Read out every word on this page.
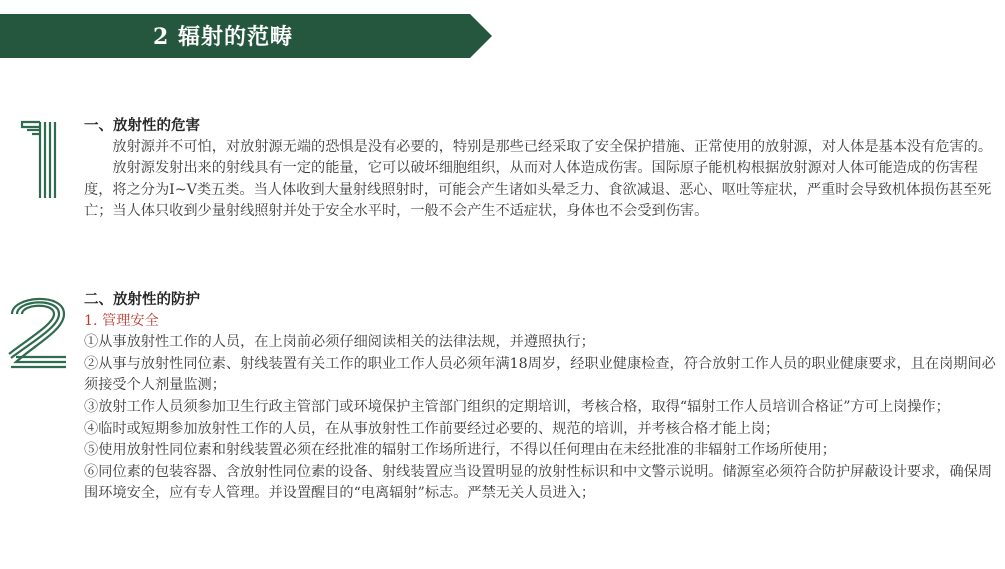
2 辐射的范畴
一、放射性的危害

放射源并不可怕，对放射源无端的恐惧是没有必要的，特别是那些已经采取了安全保护措施、正常使用的放射源，对人体是基本没有危害的。

放射源发射出来的射线具有一定的能量，它可以破坏细胞组织，从而对人体造成伤害。国际原子能机构根据放射源对人体可能造成的伤害程度，将之分为I~V类五类。当人体收到大量射线照射时，可能会产生诸如头晕乏力、食欲减退、恶心、呕吐等症状，严重时会导致机体损伤甚至死亡；当人体只收到少量射线照射并处于安全水平时，一般不会产生不适症状，身体也不会受到伤害。

二、放射性的防护
1. 管理安全

①从事放射性工作的人员，在上岗前必须仔细阅读相关的法律法规，并遵照执行；

②从事与放射性同位素、射线装置有关工作的职业工作人员必须年满18周岁，经职业健康检查，符合放射工作人员的职业健康要求，且在岗期间必须接受个人剂量监测；

③放射工作人员须参加卫生行政主管部门或环境保护主管部门组织的定期培训，考核合格，取得“辐射工作人员培训合格证”方可上岗操作；

④临时或短期参加放射性工作的人员，在从事放射性工作前要经过必要的、规范的培训，并考核合格才能上岗；

⑤使用放射性同位素和射线装置必须在经批准的辐射工作场所进行，不得以任何理由在未经批准的非辐射工作场所使用；

⑥同位素的包装容器、含放射性同位素的设备、射线装置应当设置明显的放射性标识和中文警示说明。储源室必须符合防护屏蔽设计要求，确保周围环境安全，应有专人管理。并设置醒目的“电离辐射”标志。严禁无关人员进入；
